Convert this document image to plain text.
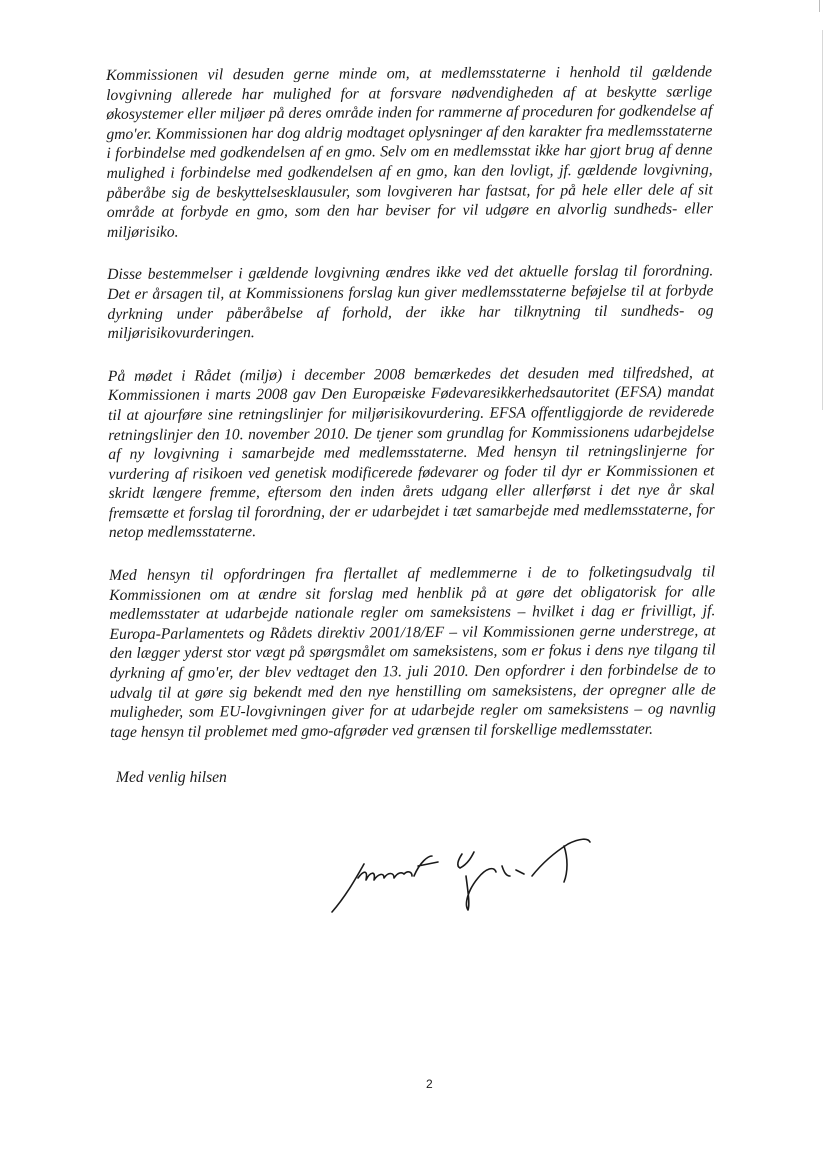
Kommissionen vil desuden gerne minde om, at medlemsstaterne i henhold til gældende lovgivning allerede har mulighed for at forsvare nødvendigheden af at beskytte særlige økosystemer eller miljøer på deres område inden for rammerne af proceduren for godkendelse af gmo'er. Kommissionen har dog aldrig modtaget oplysninger af den karakter fra medlemsstaterne i forbindelse med godkendelsen af en gmo. Selv om en medlemsstat ikke har gjort brug af denne mulighed i forbindelse med godkendelsen af en gmo, kan den lovligt, jf. gældende lovgivning, påberåbe sig de beskyttelsesklausuler, som lovgiveren har fastsat, for på hele eller dele af sit område at forbyde en gmo, som den har beviser for vil udgøre en alvorlig sundheds- eller miljørisiko.

Disse bestemmelser i gældende lovgivning ændres ikke ved det aktuelle forslag til forordning. Det er årsagen til, at Kommissionens forslag kun giver medlemsstaterne beføjelse til at forbyde dyrkning under påberåbelse af forhold, der ikke har tilknytning til sundheds- og miljørisikovurderingen.

På mødet i Rådet (miljø) i december 2008 bemærkedes det desuden med tilfredshed, at Kommissionen i marts 2008 gav Den Europæiske Fødevaresikkerhedsautoritet (EFSA) mandat til at ajourføre sine retningslinjer for miljørisikovurdering. EFSA offentliggjorde de reviderede retningslinjer den 10. november 2010. De tjener som grundlag for Kommissionens udarbejdelse af ny lovgivning i samarbejde med medlemsstaterne. Med hensyn til retningslinjerne for vurdering af risikoen ved genetisk modificerede fødevarer og foder til dyr er Kommissionen et skridt længere fremme, eftersom den inden årets udgang eller allerførst i det nye år skal fremsætte et forslag til forordning, der er udarbejdet i tæt samarbejde med medlemsstaterne, for netop medlemsstaterne.

Med hensyn til opfordringen fra flertallet af medlemmerne i de to folketingsudvalg til Kommissionen om at ændre sit forslag med henblik på at gøre det obligatorisk for alle medlemsstater at udarbejde nationale regler om sameksistens – hvilket i dag er frivilligt, jf. Europa-Parlamentets og Rådets direktiv 2001/18/EF – vil Kommissionen gerne understrege, at den lægger yderst stor vægt på spørgsmålet om sameksistens, som er fokus i dens nye tilgang til dyrkning af gmo'er, der blev vedtaget den 13. juli 2010. Den opfordrer i den forbindelse de to udvalg til at gøre sig bekendt med den nye henstilling om sameksistens, der opregner alle de muligheder, som EU-lovgivningen giver for at udarbejde regler om sameksistens – og navnlig tage hensyn til problemet med gmo-afgrøder ved grænsen til forskellige medlemsstater.

Med venlig hilsen
2
